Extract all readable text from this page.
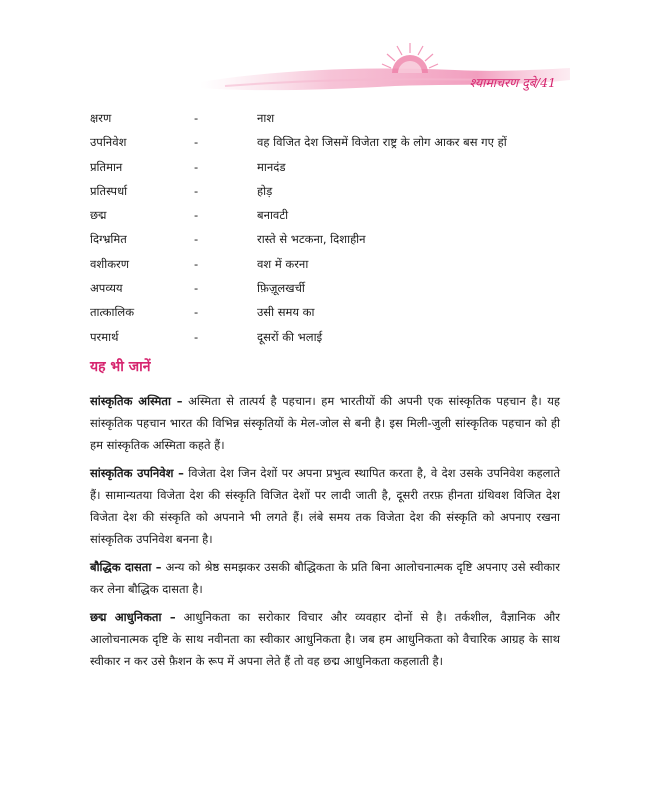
श्यामाचरण दुबे/41
क्षरण	-	नाश
उपनिवेश	-	वह विजित देश जिसमें विजेता राष्ट्र के लोग आकर बस गए हों
प्रतिमान	-	मानदंड
प्रतिस्पर्धा	-	होड़
छद्म	-	बनावटी
दिग्भ्रमित	-	रास्ते से भटकना, दिशाहीन
वशीकरण	-	वश में करना
अपव्यय	-	फ़िज़ूलखर्ची
तात्कालिक	-	उसी समय का
परमार्थ	-	दूसरों की भलाई
यह भी जानें

सांस्कृतिक अस्मिता – अस्मिता से तात्पर्य है पहचान। हम भारतीयों की अपनी एक सांस्कृतिक पहचान है। यह सांस्कृतिक पहचान भारत की विभिन्न संस्कृतियों के मेल-जोल से बनी है। इस मिली-जुली सांस्कृतिक पहचान को ही हम सांस्कृतिक अस्मिता कहते हैं।

सांस्कृतिक उपनिवेश – विजेता देश जिन देशों पर अपना प्रभुत्व स्थापित करता है, वे देश उसके उपनिवेश कहलाते हैं। सामान्यतया विजेता देश की संस्कृति विजित देशों पर लादी जाती है, दूसरी तरफ़ हीनता ग्रंथिवश विजित देश विजेता देश की संस्कृति को अपनाने भी लगते हैं। लंबे समय तक विजेता देश की संस्कृति को अपनाए रखना सांस्कृतिक उपनिवेश बनना है।

बौद्धिक दासता – अन्य को श्रेष्ठ समझकर उसकी बौद्धिकता के प्रति बिना आलोचनात्मक दृष्टि अपनाए उसे स्वीकार कर लेना बौद्धिक दासता है।

छद्म आधुनिकता – आधुनिकता का सरोकार विचार और व्यवहार दोनों से है। तर्कशील, वैज्ञानिक और आलोचनात्मक दृष्टि के साथ नवीनता का स्वीकार आधुनिकता है। जब हम आधुनिकता को वैचारिक आग्रह के साथ स्वीकार न कर उसे फ़ैशन के रूप में अपना लेते हैं तो वह छद्म आधुनिकता कहलाती है।
